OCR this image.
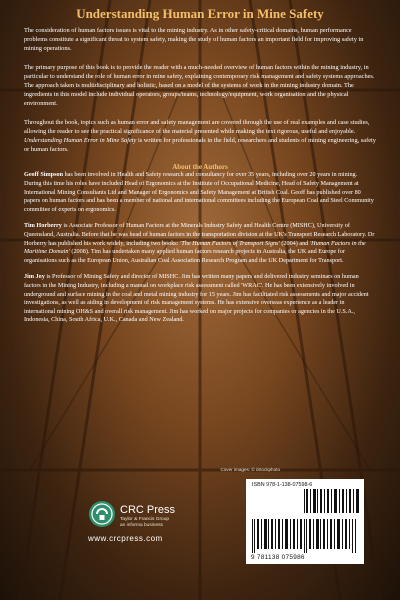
Understanding Human Error in Mine Safety

The consideration of human factors issues is vital to the mining industry. As in other safety-critical domains, human performance problems constitute a significant threat to system safety, making the study of human factors an important field for improving safety in mining operations.

The primary purpose of this book is to provide the reader with a much-needed overview of human factors within the mining industry, in particular to understand the role of human error in mine safety, explaining contemporary risk management and safety systems approaches. The approach taken is multidisciplinary and holistic, based on a model of the systems of work in the mining industry domain. The ingredients in this model include individual operators, groups/teams, technology/equipment, work organisation and the physical environment.

Throughout the book, topics such as human error and safety management are covered through the use of real examples and case studies, allowing the reader to see the practical significance of the material presented while making the text rigorous, useful and enjoyable. Understanding Human Error in Mine Safety is written for professionals in the field, researchers and students of mining engineering, safety or human factors.

About the Authors

Geoff Simpson has been involved in Health and Safety research and consultancy for over 35 years, including over 20 years in mining. During this time his roles have included Head of Ergonomics at the Institute of Occupational Medicine, Head of Safety Management at International Mining Consultants Ltd and Manager of Ergonomics and Safety Management at British Coal. Geoff has published over 80 papers on human factors and has been a member of national and international committees including the European Coal and Steel Community committee of experts on ergonomics.

Tim Horberry is Associate Professor of Human Factors at the Minerals Industry Safety and Health Centre (MISHC), University of Queensland, Australia. Before that he was head of human factors in the transportation division at the UK's Transport Research Laboratory. Dr Horberry has published his work widely, including two books: 'The Human Factors of Transport Signs' (2004) and 'Human Factors in the Maritime Domain' (2008). Tim has undertaken many applied human factors research projects in Australia, the UK and Europe for organisations such as the European Union, Australian Coal Association Research Program and the UK Department for Transport.

Jim Joy is Professor of Mining Safety and director of MISHC. Jim has written many papers and delivered industry seminars on human factors in the Mining Industry, including a manual on workplace risk assessment called 'WRAC'. He has been extensively involved in underground and surface mining in the coal and metal mining industry for 15 years. Jim has facilitated risk assessments and major accident investigations, as well as aiding in development of risk management systems. He has extensive overseas experience as a leader in international mining OH&S and overall risk management. Jim has worked on major projects for companies or agencies in the U.S.A., Indonesia, China, South Africa, U.K., Canada and New Zealand.

Cover images: © iStockphoto
CRC Press
Taylor & Francis Group
an informa business
www.crcpress.com
ISBN 978-1-138-07598-6
9 781138 075986
